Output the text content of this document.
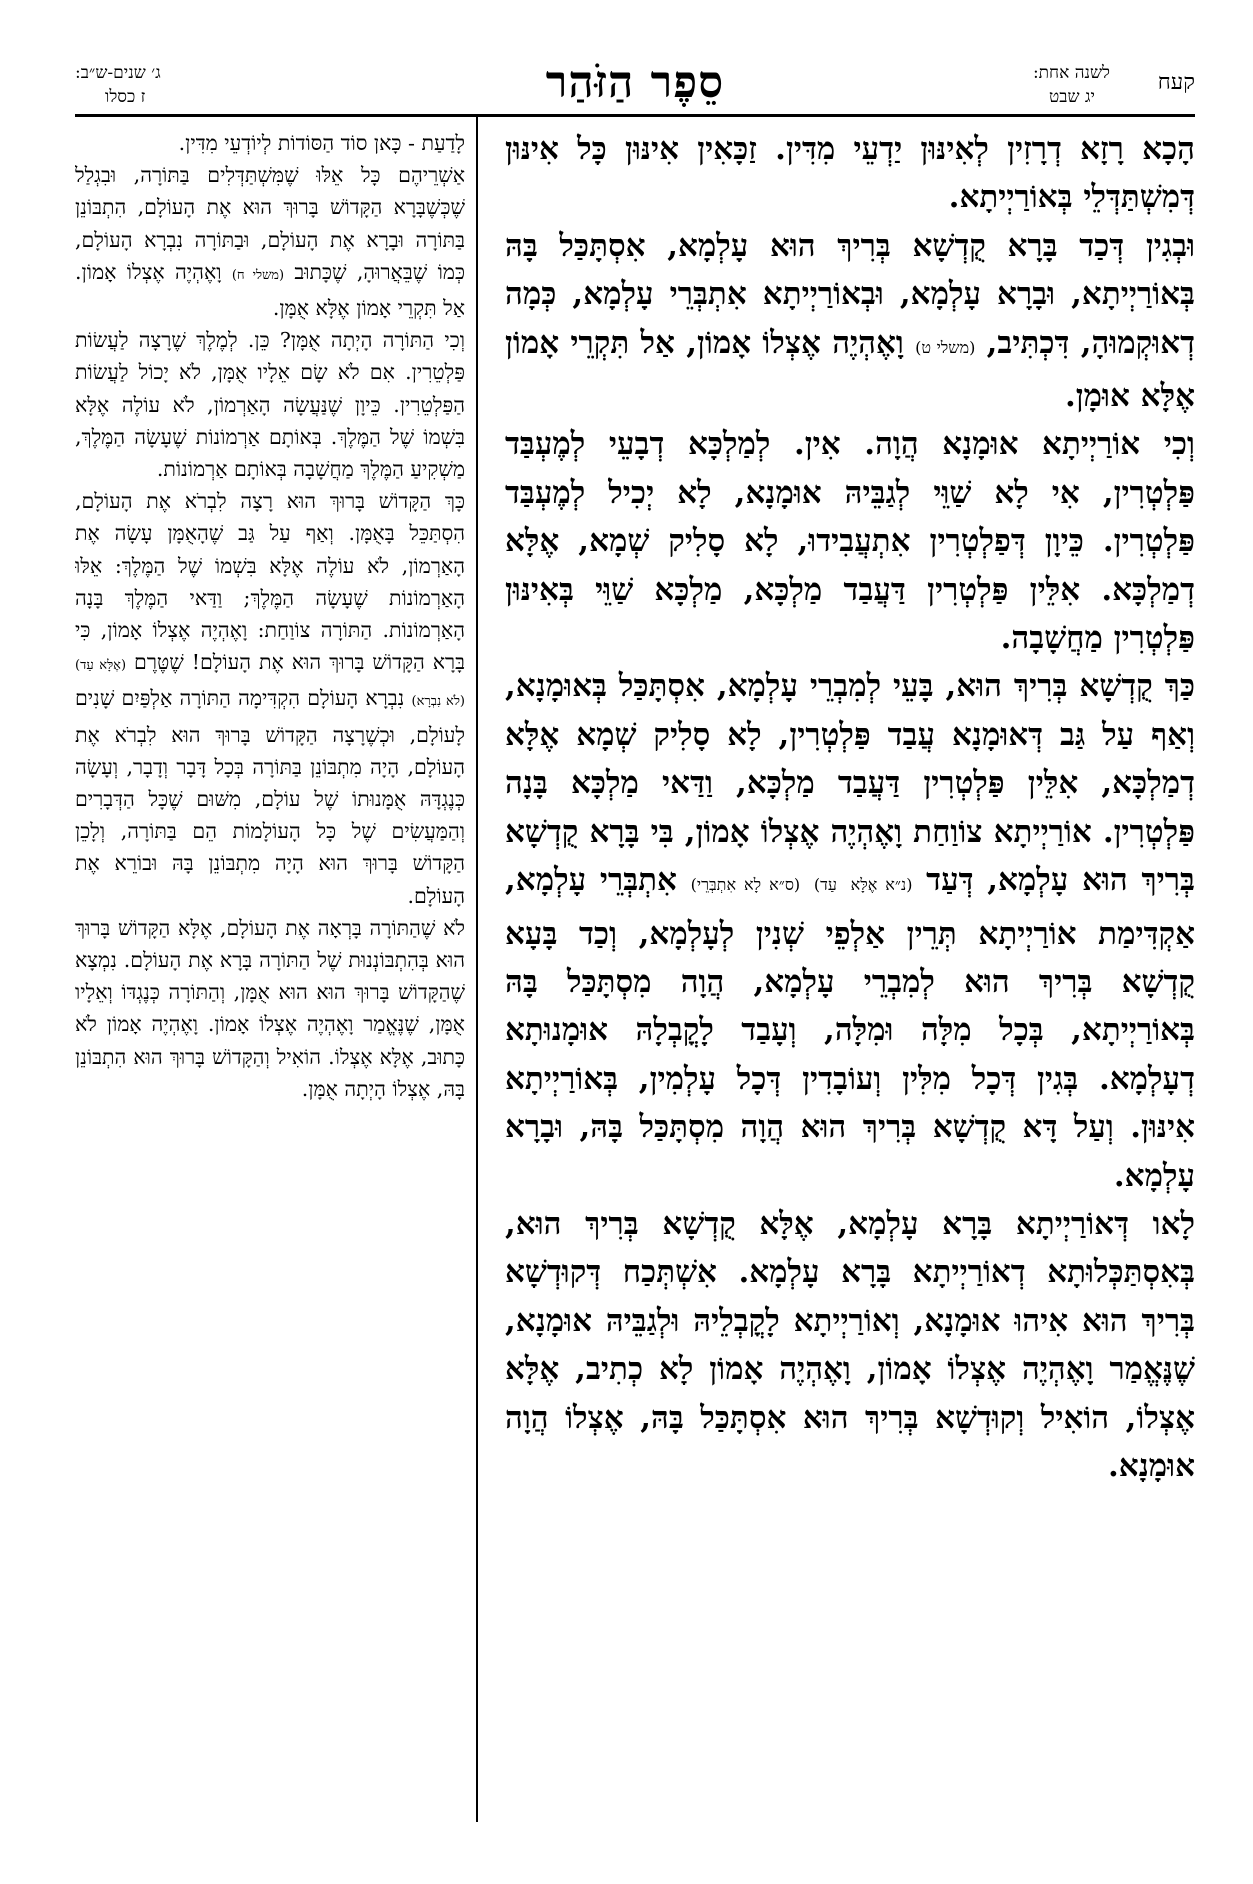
קעח
לשנה אחת:
יג שבט
סֵפֶר הַזֹּהַר
ג׳ שנים-ש״ב:
ז כסלו

הָכָא רָזָא דְרָזִין לְאִינּוּן יַדְעֵי מִדִּין. זַכָּאִין אִינּוּן כָּל אִינּוּן דְּמִשְׁתַּדְּלֵי בְּאוֹרַיְיתָא.

וּבְגִין דְּכַד בָּרָא קֻדְשָׁא בְּרִיךְ הוּא עָלְמָא, אִסְתָּכַּל בָּהּ בְּאוֹרַיְיתָא, וּבָרָא עָלְמָא, וּבְאוֹרַיְיתָא אִתְבְּרֵי עָלְמָא, כְּמָה דְאוּקְמוּהָ, דִּכְתִּיב, (משלי ט) וָאֶהְיֶה אֶצְלוֹ אָמוֹן, אַל תִּקְרֵי אָמוֹן אֶלָּא אוּמָן.

וְכִי אוֹרַיְיתָא אוּמָנָא הֲוָה. אִין. לְמַלְכָּא דְבָעֵי לְמֶעְבַּד פַּלְטְרִין, אִי לָא שַׁוֵּי לְגַבֵּיהּ אוּמָנָא, לָא יְכִיל לְמֶעְבַּד פַּלְטְרִין. כֵּיוָן דְּפַלְטְרִין אִתְעֲבִידוּ, לָא סָלִיק שְׁמָא, אֶלָּא דְמַלְכָּא. אִלֵּין פַּלְטְרִין דַּעֲבַד מַלְכָּא, מַלְכָּא שַׁוֵּי בְּאִינּוּן פַּלְטְרִין מַחֲשָׁבָה.

כַּךְ קֻדְשָׁא בְּרִיךְ הוּא, בָּעֵי לְמִבְרֵי עָלְמָא, אִסְתָּכַּל בְּאוּמָנָא, וְאַף עַל גַּב דְּאוּמָנָא עֲבַד פַּלְטְרִין, לָא סָלִיק שְׁמָא אֶלָּא דְמַלְכָּא, אִלֵּין פַּלְטְרִין דַּעֲבַד מַלְכָּא, וַדַּאי מַלְכָּא בָּנָה פַּלְטְרִין. אוֹרַיְיתָא צוֹוַחַת וָאֶהְיֶה אֶצְלוֹ אָמוֹן, בִּי בָּרָא קֻדְשָׁא בְּרִיךְ הוּא עָלְמָא, דְּעַד (נ״א אֶלָּא עַד) (ס״א לָא אִתְבְּרֵי) אִתְבְּרֵי עָלְמָא, אַקְדִּימַת אוֹרַיְיתָא תְּרֵין אַלְפֵי שְׁנִין לְעָלְמָא, וְכַד בָּעָא קֻדְשָׁא בְּרִיךְ הוּא לְמִבְרֵי עָלְמָא, הֲוָה מִסְתָּכַּל בָּהּ בְּאוֹרַיְיתָא, בְּכָל מִלָּה וּמִלָּה, וְעָבַד לָקֳבְלָהּ אוּמָנוּתָא דְעָלְמָא. בְּגִין דְּכָל מִלִּין וְעוֹבָדִין דְּכָל עָלְמִין, בְּאוֹרַיְיתָא אִינּוּן. וְעַל דָּא קֻדְשָׁא בְּרִיךְ הוּא הֲוָה מִסְתָּכַּל בָּהּ, וּבָרָא עָלְמָא.

לָאו דְּאוֹרַיְיתָא בָּרָא עָלְמָא, אֶלָּא קֻדְשָׁא בְּרִיךְ הוּא, בְּאִסְתַּכְּלוּתָא דְאוֹרַיְיתָא בָּרָא עָלְמָא. אִשְׁתְּכַח דְּקוּדְשָׁא בְּרִיךְ הוּא אִיהוּ אוּמָנָא, וְאוֹרַיְיתָא לָקֳבְלֵיהּ וּלְגַבֵּיהּ אוּמָנָא, שֶׁנֶּאֱמַר וָאֶהְיֶה אֶצְלוֹ אָמוֹן, וָאֶהְיֶה אָמוֹן לָא כְתִיב, אֶלָּא אֶצְלוֹ, הוֹאִיל וְקוּדְשָׁא בְּרִיךְ הוּא אִסְתָּכַּל בָּהּ, אֶצְלוֹ הֲוָה אוּמָנָא.

לָדַעַת - כָּאן סוֹד הַסּוֹדוֹת לְיוֹדְעֵי מִדִּין.

אַשְׁרֵיהֶם כָּל אֵלּוּ שֶׁמִּשְׁתַּדְּלִים בַּתּוֹרָה, וּבִגְלַל שֶׁכְּשֶׁבָּרָא הַקָּדוֹשׁ בָּרוּךְ הוּא אֶת הָעוֹלָם, הִתְבּוֹנֵן בַּתּוֹרָה וּבָרָא אֶת הָעוֹלָם, וּבַתּוֹרָה נִבְרָא הָעוֹלָם, כְּמוֹ שֶׁבֵּאֲרוּהָ, שֶׁכָּתוּב (משלי ח) וָאֶהְיֶה אֶצְלוֹ אָמוֹן. אַל תִּקְרֵי אָמוֹן אֶלָּא אֻמָּן.

וְכִי הַתּוֹרָה הָיְתָה אֻמָּן? כֵּן. לְמֶלֶךְ שֶׁרָצָה לַעֲשׂוֹת פַּלְטֵרִין. אִם לֹא שָׂם אֵלָיו אֻמָּן, לֹא יָכוֹל לַעֲשׂוֹת הַפַּלְטֵרִין. כֵּיוָן שֶׁנַּעֲשָׂה הָאַרְמוֹן, לֹא עוֹלֶה אֶלָּא בִּשְׁמוֹ שֶׁל הַמֶּלֶךְ. בְּאוֹתָם אַרְמוֹנוֹת שֶׁעָשָׂה הַמֶּלֶךְ, מַשְׁקִיעַ הַמֶּלֶךְ מַחֲשָׁבָה בְּאוֹתָם אַרְמוֹנוֹת.

כָּךְ הַקָּדוֹשׁ בָּרוּךְ הוּא רָצָה לִבְרֹא אֶת הָעוֹלָם, הִסְתַּכֵּל בָּאֻמָּן. וְאַף עַל גַּב שֶׁהָאֻמָּן עָשָׂה אֶת הָאַרְמוֹן, לֹא עוֹלֶה אֶלָּא בִּשְׁמוֹ שֶׁל הַמֶּלֶךְ: אֵלּוּ הָאַרְמוֹנוֹת שֶׁעָשָׂה הַמֶּלֶךְ; וַדַּאי הַמֶּלֶךְ בָּנָה הָאַרְמוֹנוֹת. הַתּוֹרָה צוֹוַחַת: וָאֶהְיֶה אֶצְלוֹ אָמוֹן, כִּי בָּרָא הַקָּדוֹשׁ בָּרוּךְ הוּא אֶת הָעוֹלָם! שֶׁטֶּרֶם (אֶלָּא עַד) (לֹא נִבְרָא) נִבְרָא הָעוֹלָם הִקְדִּימָה הַתּוֹרָה אַלְפַּיִם שָׁנִים לָעוֹלָם, וּכְשֶׁרָצָה הַקָּדוֹשׁ בָּרוּךְ הוּא לִבְרֹא אֶת הָעוֹלָם, הָיָה מִתְבּוֹנֵן בַּתּוֹרָה בְּכָל דָּבָר וְדָבָר, וְעָשָׂה כְּנֶגְדָּהּ אֻמָּנוּתוֹ שֶׁל עוֹלָם, מִשּׁוּם שֶׁכָּל הַדְּבָרִים וְהַמַּעֲשִׂים שֶׁל כָּל הָעוֹלָמוֹת הֵם בַּתּוֹרָה, וְלָכֵן הַקָּדוֹשׁ בָּרוּךְ הוּא הָיָה מִתְבּוֹנֵן בָּהּ וּבוֹרֵא אֶת הָעוֹלָם.

לֹא שֶׁהַתּוֹרָה בָּרְאָה אֶת הָעוֹלָם, אֶלָּא הַקָּדוֹשׁ בָּרוּךְ הוּא בְּהִתְבּוֹנְנוּת שֶׁל הַתּוֹרָה בָּרָא אֶת הָעוֹלָם. נִמְצָא שֶׁהַקָּדוֹשׁ בָּרוּךְ הוּא הוּא אֻמָּן, וְהַתּוֹרָה כְּנֶגְדּוֹ וְאֵלָיו אֻמָּן, שֶׁנֶּאֱמַר וָאֶהְיֶה אֶצְלוֹ אָמוֹן. וָאֶהְיֶה אָמוֹן לֹא כָּתוּב, אֶלָּא אֶצְלוֹ. הוֹאִיל וְהַקָּדוֹשׁ בָּרוּךְ הוּא הִתְבּוֹנֵן בָּהּ, אֶצְלוֹ הָיְתָה אֻמָּן.
